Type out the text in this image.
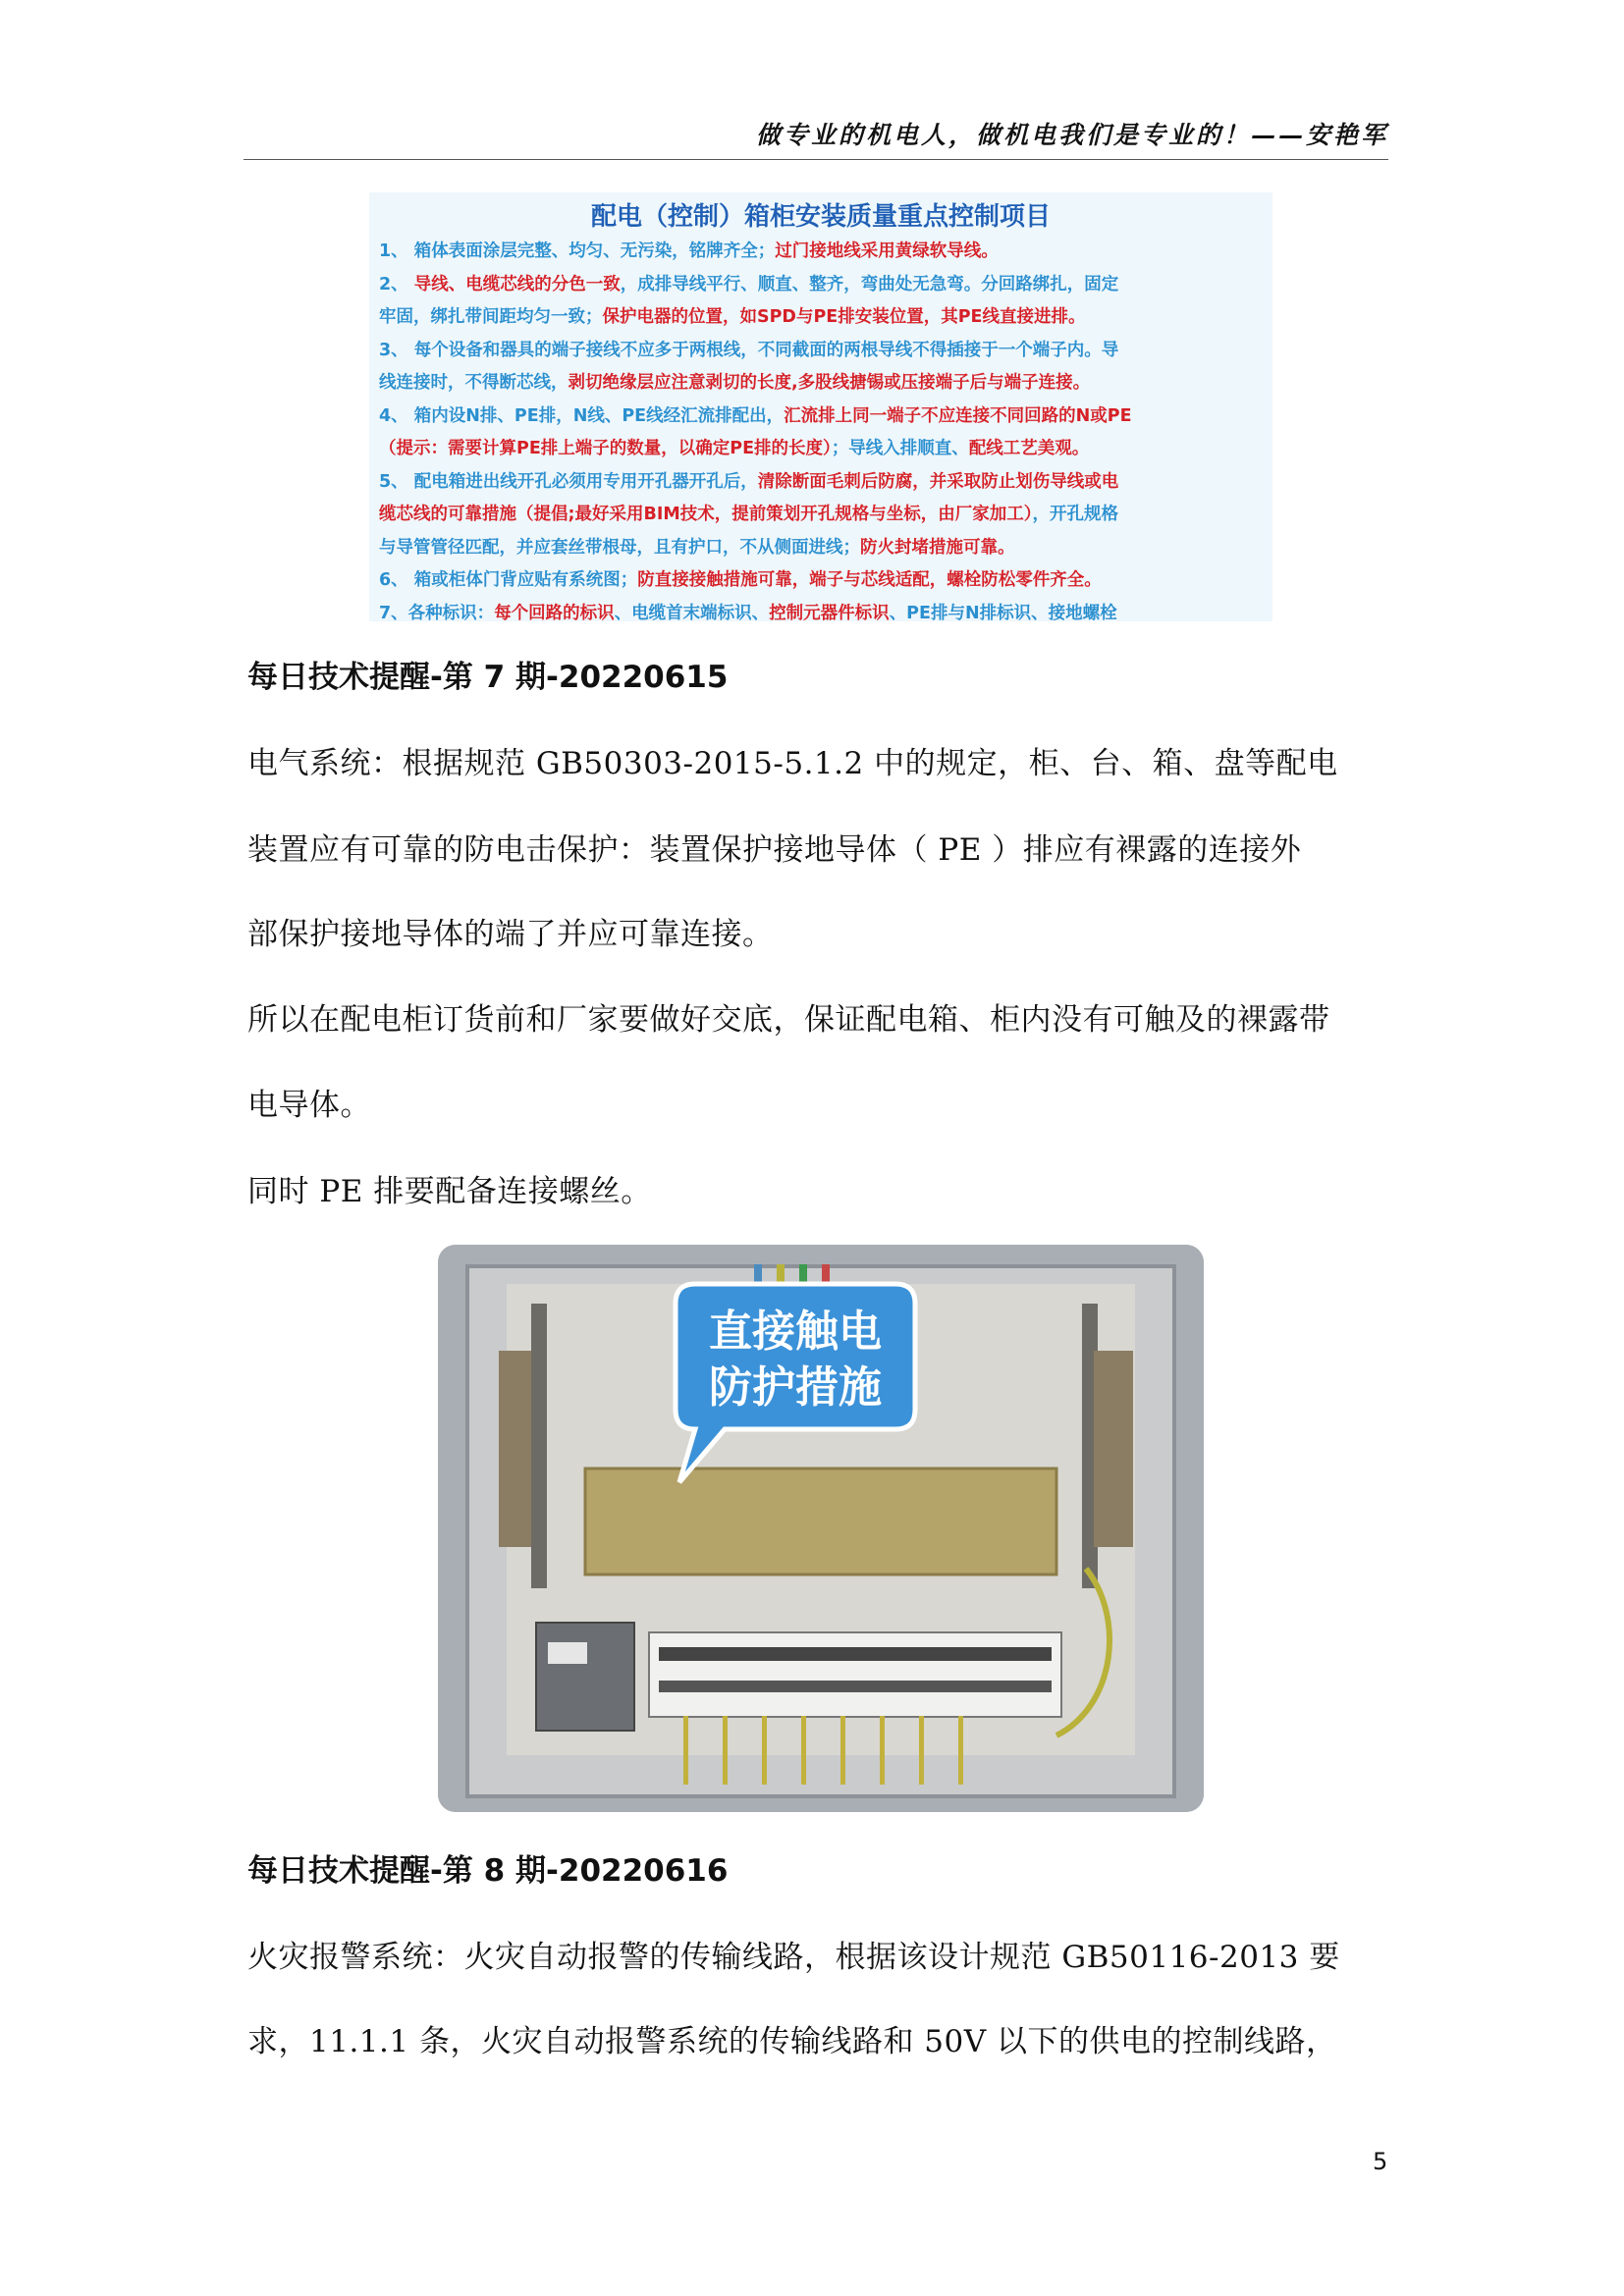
做专业的机电人，做机电我们是专业的！——安艳军
配电（控制）箱柜安装质量重点控制项目
1、 箱体表面涂层完整、均匀、无污染，铭牌齐全；过门接地线采用黄绿软导线。
2、 导线、电缆芯线的分色一致，成排导线平行、顺直、整齐，弯曲处无急弯。分回路绑扎，固定
牢固，绑扎带间距均匀一致；保护电器的位置，如SPD与PE排安装位置，其PE线直接进排。
3、 每个设备和器具的端子接线不应多于两根线，不同截面的两根导线不得插接于一个端子内。导
线连接时，不得断芯线，剥切绝缘层应注意剥切的长度,多股线搪锡或压接端子后与端子连接。
4、 箱内设N排、PE排，N线、PE线经汇流排配出，汇流排上同一端子不应连接不同回路的N或PE
（提示：需要计算PE排上端子的数量，以确定PE排的长度）；导线入排顺直、配线工艺美观。
5、 配电箱进出线开孔必须用专用开孔器开孔后，清除断面毛刺后防腐，并采取防止划伤导线或电
缆芯线的可靠措施（提倡;最好采用BIM技术，提前策划开孔规格与坐标，由厂家加工），开孔规格
与导管管径匹配，并应套丝带根母，且有护口，不从侧面进线；防火封堵措施可靠。
6、 箱或柜体门背应贴有系统图；防直接接触措施可靠，端子与芯线适配，螺栓防松零件齐全。
7、各种标识：每个回路的标识、电缆首末端标识、控制元器件标识、PE排与N排标识、接地螺栓
每日技术提醒-第 7 期-20220615
电气系统：根据规范 GB50303-2015-5.1.2 中的规定，柜、台、箱、盘等配电
装置应有可靠的防电击保护：装置保护接地导体（ PE ）排应有裸露的连接外
部保护接地导体的端了并应可靠连接。
所以在配电柜订货前和厂家要做好交底，保证配电箱、柜内没有可触及的裸露带
电导体。
同时 PE 排要配备连接螺丝。
直接触电
防护措施
每日技术提醒-第 8 期-20220616
火灾报警系统：火灾自动报警的传输线路，根据该设计规范 GB50116-2013 要
求，11.1.1 条，火灾自动报警系统的传输线路和 50V 以下的供电的控制线路，
5
